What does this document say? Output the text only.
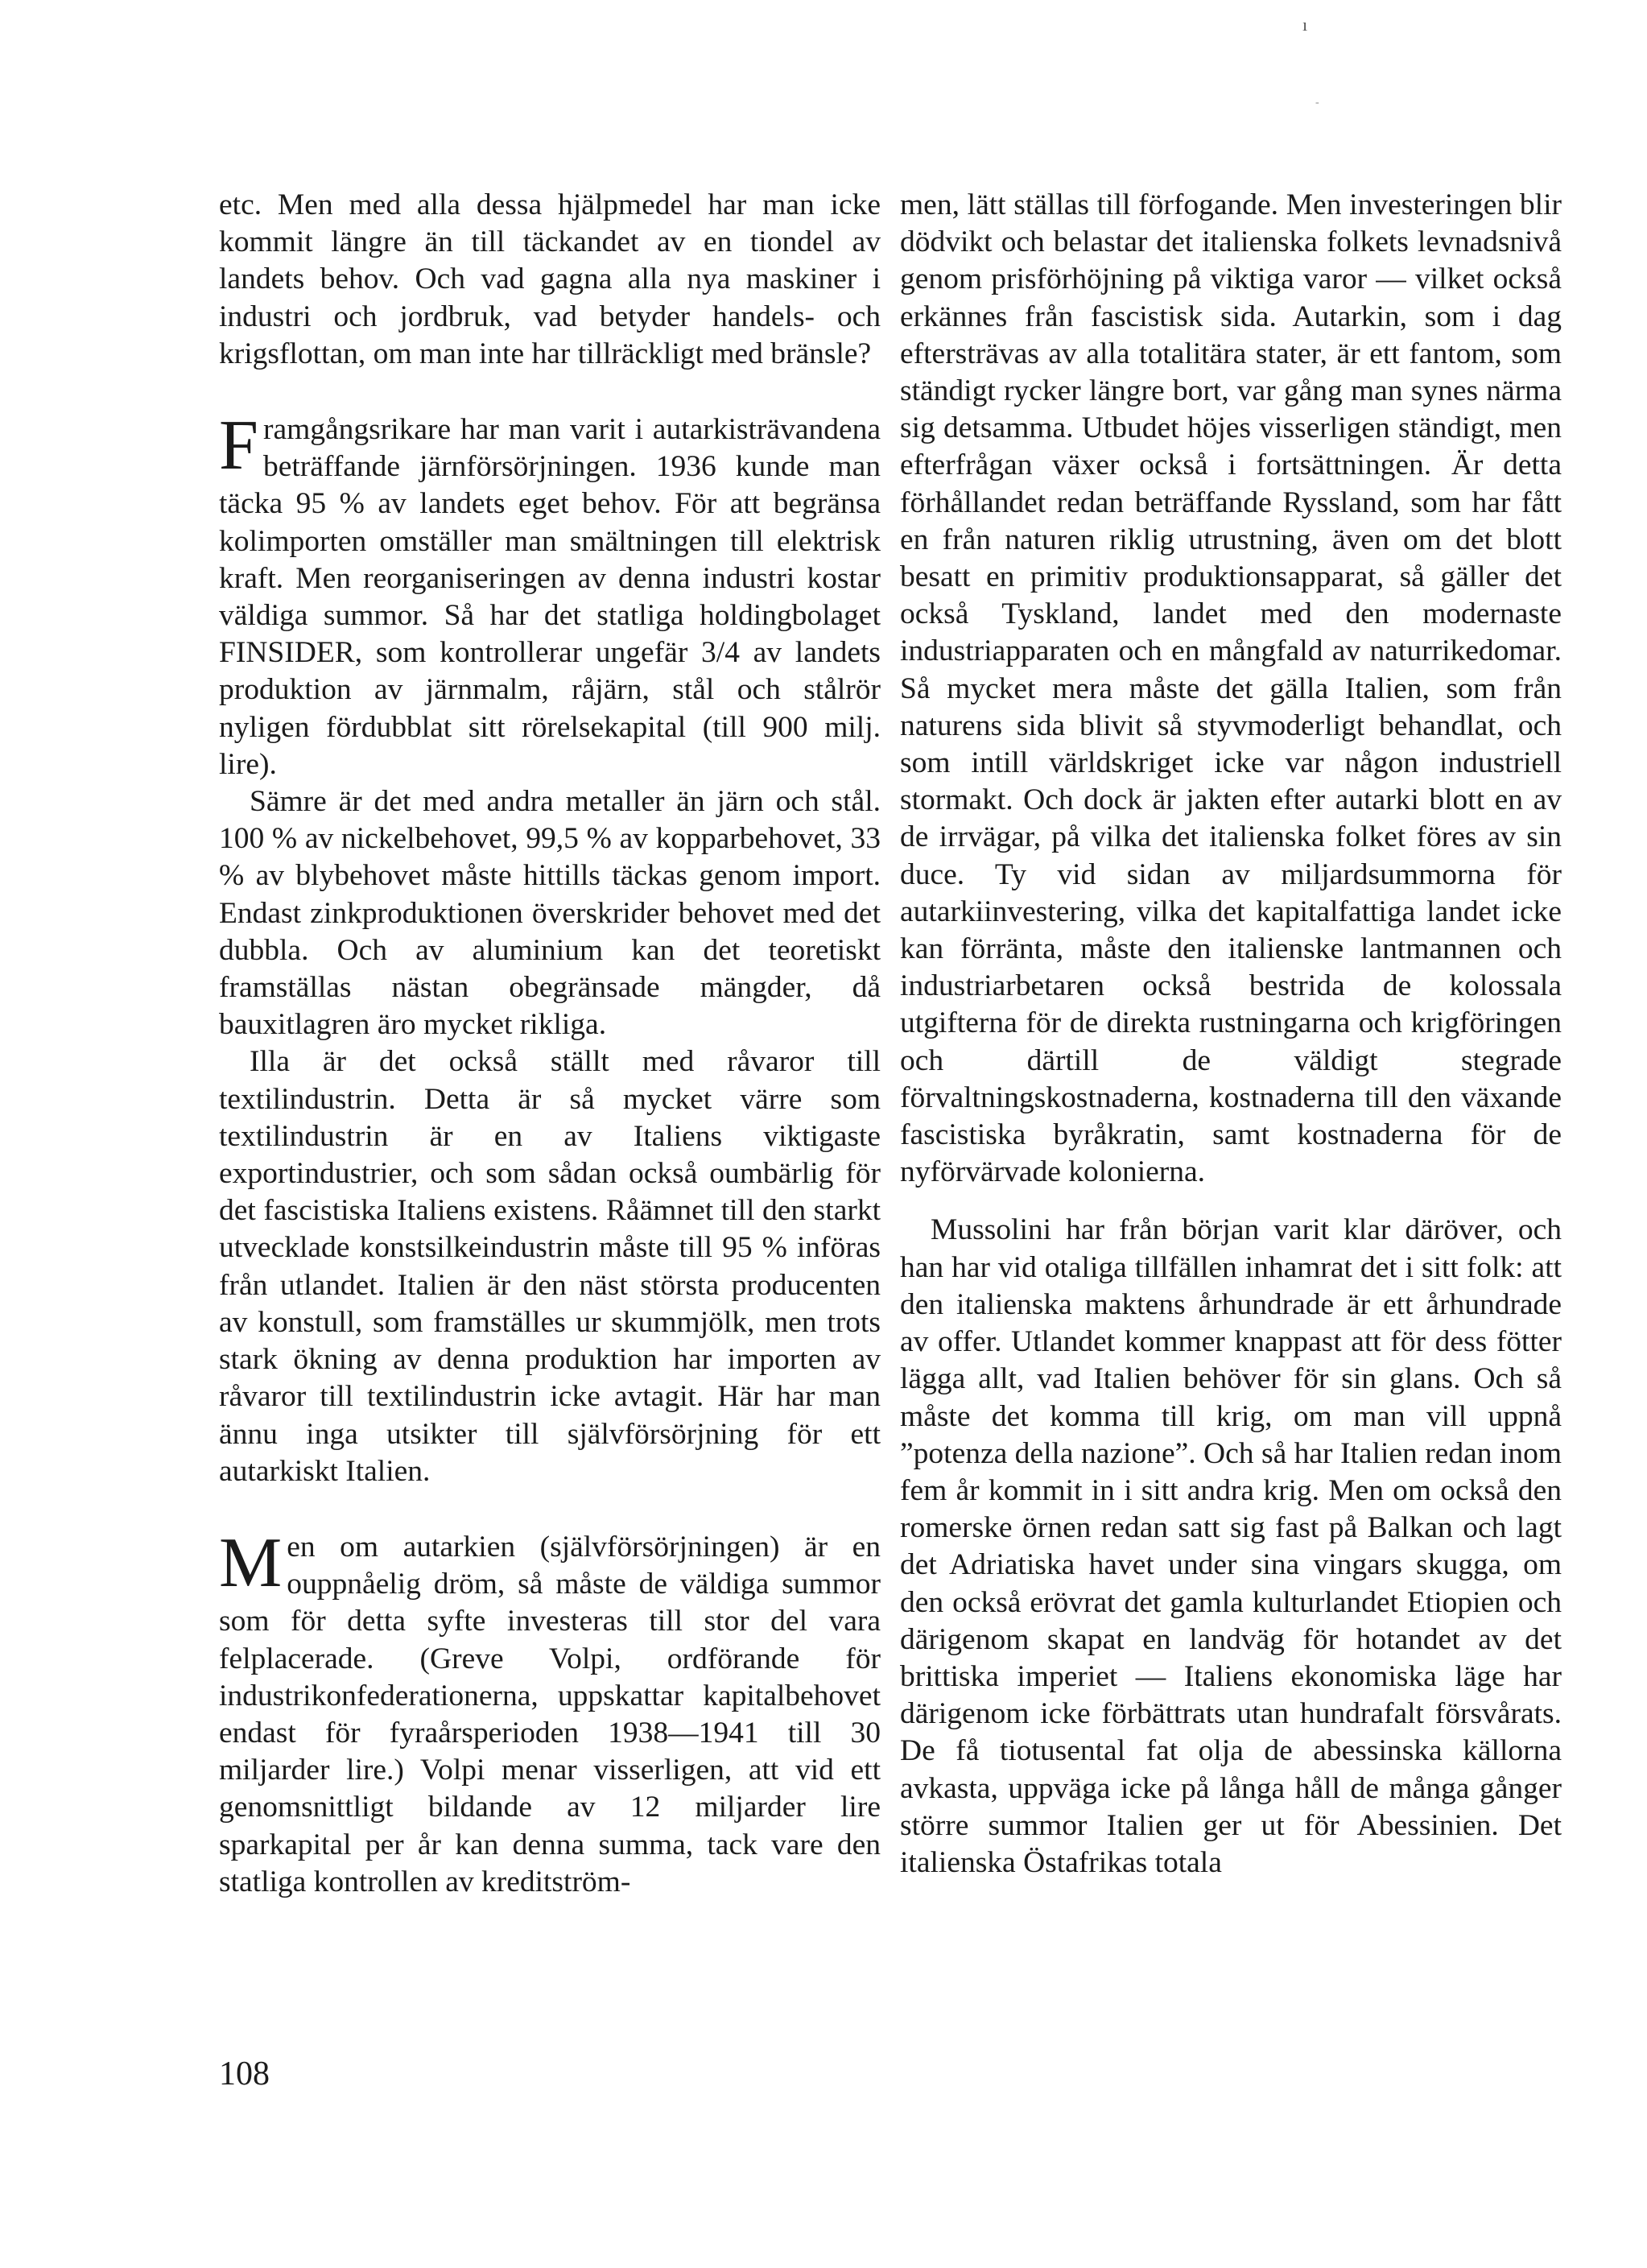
ı
-

etc. Men med alla dessa hjälpmedel har man icke kommit längre än till täckandet av en tiondel av landets behov. Och vad gagna alla nya maskiner i industri och jordbruk, vad betyder handels- och krigsflottan, om man inte har tillräckligt med bränsle?

Framgångsrikare har man varit i autarkisträvandena beträffande järnförsörjningen. 1936 kunde man täcka 95 % av landets eget behov. För att begränsa kolimporten omställer man smältningen till elektrisk kraft. Men reorganiseringen av denna industri kostar väldiga summor. Så har det statliga holdingbolaget FINSIDER, som kontrollerar ungefär 3/4 av landets produktion av järnmalm, råjärn, stål och stålrör nyligen fördubblat sitt rörelsekapital (till 900 milj. lire).

Sämre är det med andra metaller än järn och stål. 100 % av nickelbehovet, 99,5 % av kopparbehovet, 33 % av blybehovet måste hittills täckas genom import. Endast zinkproduktionen överskrider behovet med det dubbla. Och av aluminium kan det teoretiskt framställas nästan obegränsade mängder, då bauxitlagren äro mycket rikliga.

Illa är det också ställt med råvaror till textilindustrin. Detta är så mycket värre som textilindustrin är en av Italiens viktigaste exportindustrier, och som sådan också oumbärlig för det fascistiska Italiens existens. Råämnet till den starkt utvecklade konstsilkeindustrin måste till 95 % införas från utlandet. Italien är den näst största producenten av konstull, som framställes ur skummjölk, men trots stark ökning av denna produktion har importen av råvaror till textilindustrin icke avtagit. Här har man ännu inga utsikter till självförsörjning för ett autarkiskt Italien.

Men om autarkien (självförsörjningen) är en ouppnåelig dröm, så måste de väldiga summor som för detta syfte investeras till stor del vara felplacerade. (Greve Volpi, ordförande för industrikonfederationerna, uppskattar kapitalbehovet endast för fyraårsperioden 1938—1941 till 30 miljarder lire.) Volpi menar visserligen, att vid ett genomsnittligt bildande av 12 miljarder lire sparkapital per år kan denna summa, tack vare den statliga kontrollen av kreditström-

men, lätt ställas till förfogande. Men investeringen blir dödvikt och belastar det italienska folkets levnadsnivå genom prisförhöjning på viktiga varor — vilket också erkännes från fascistisk sida. Autarkin, som i dag eftersträvas av alla totalitära stater, är ett fantom, som ständigt rycker längre bort, var gång man synes närma sig detsamma. Utbudet höjes visserligen ständigt, men efterfrågan växer också i fortsättningen. Är detta förhållandet redan beträffande Ryssland, som har fått en från naturen riklig utrustning, även om det blott besatt en primitiv produktionsapparat, så gäller det också Tyskland, landet med den modernaste industriapparaten och en mångfald av naturrikedomar. Så mycket mera måste det gälla Italien, som från naturens sida blivit så styvmoderligt behandlat, och som intill världskriget icke var någon industriell stormakt. Och dock är jakten efter autarki blott en av de irrvägar, på vilka det italienska folket föres av sin duce. Ty vid sidan av miljardsummorna för autarkiinvestering, vilka det kapitalfattiga landet icke kan förränta, måste den italienske lantmannen och industriarbetaren också bestrida de kolossala utgifterna för de direkta rustningarna och krigföringen och därtill de väldigt stegrade förvaltningskostnaderna, kostnaderna till den växande fascistiska byråkratin, samt kostnaderna för de nyförvärvade kolonierna.

Mussolini har från början varit klar däröver, och han har vid otaliga tillfällen inhamrat det i sitt folk: att den italienska maktens århundrade är ett århundrade av offer. Utlandet kommer knappast att för dess fötter lägga allt, vad Italien behöver för sin glans. Och så måste det komma till krig, om man vill uppnå ”potenza della nazione”. Och så har Italien redan inom fem år kommit in i sitt andra krig. Men om också den romerske örnen redan satt sig fast på Balkan och lagt det Adriatiska havet under sina vingars skugga, om den också erövrat det gamla kulturlandet Etiopien och därigenom skapat en landväg för hotandet av det brittiska imperiet — Italiens ekonomiska läge har därigenom icke förbättrats utan hundrafalt försvårats. De få tiotusental fat olja de abessinska källorna avkasta, uppväga icke på långa håll de många gånger större summor Italien ger ut för Abessinien. Det italienska Östafrikas totala

108
